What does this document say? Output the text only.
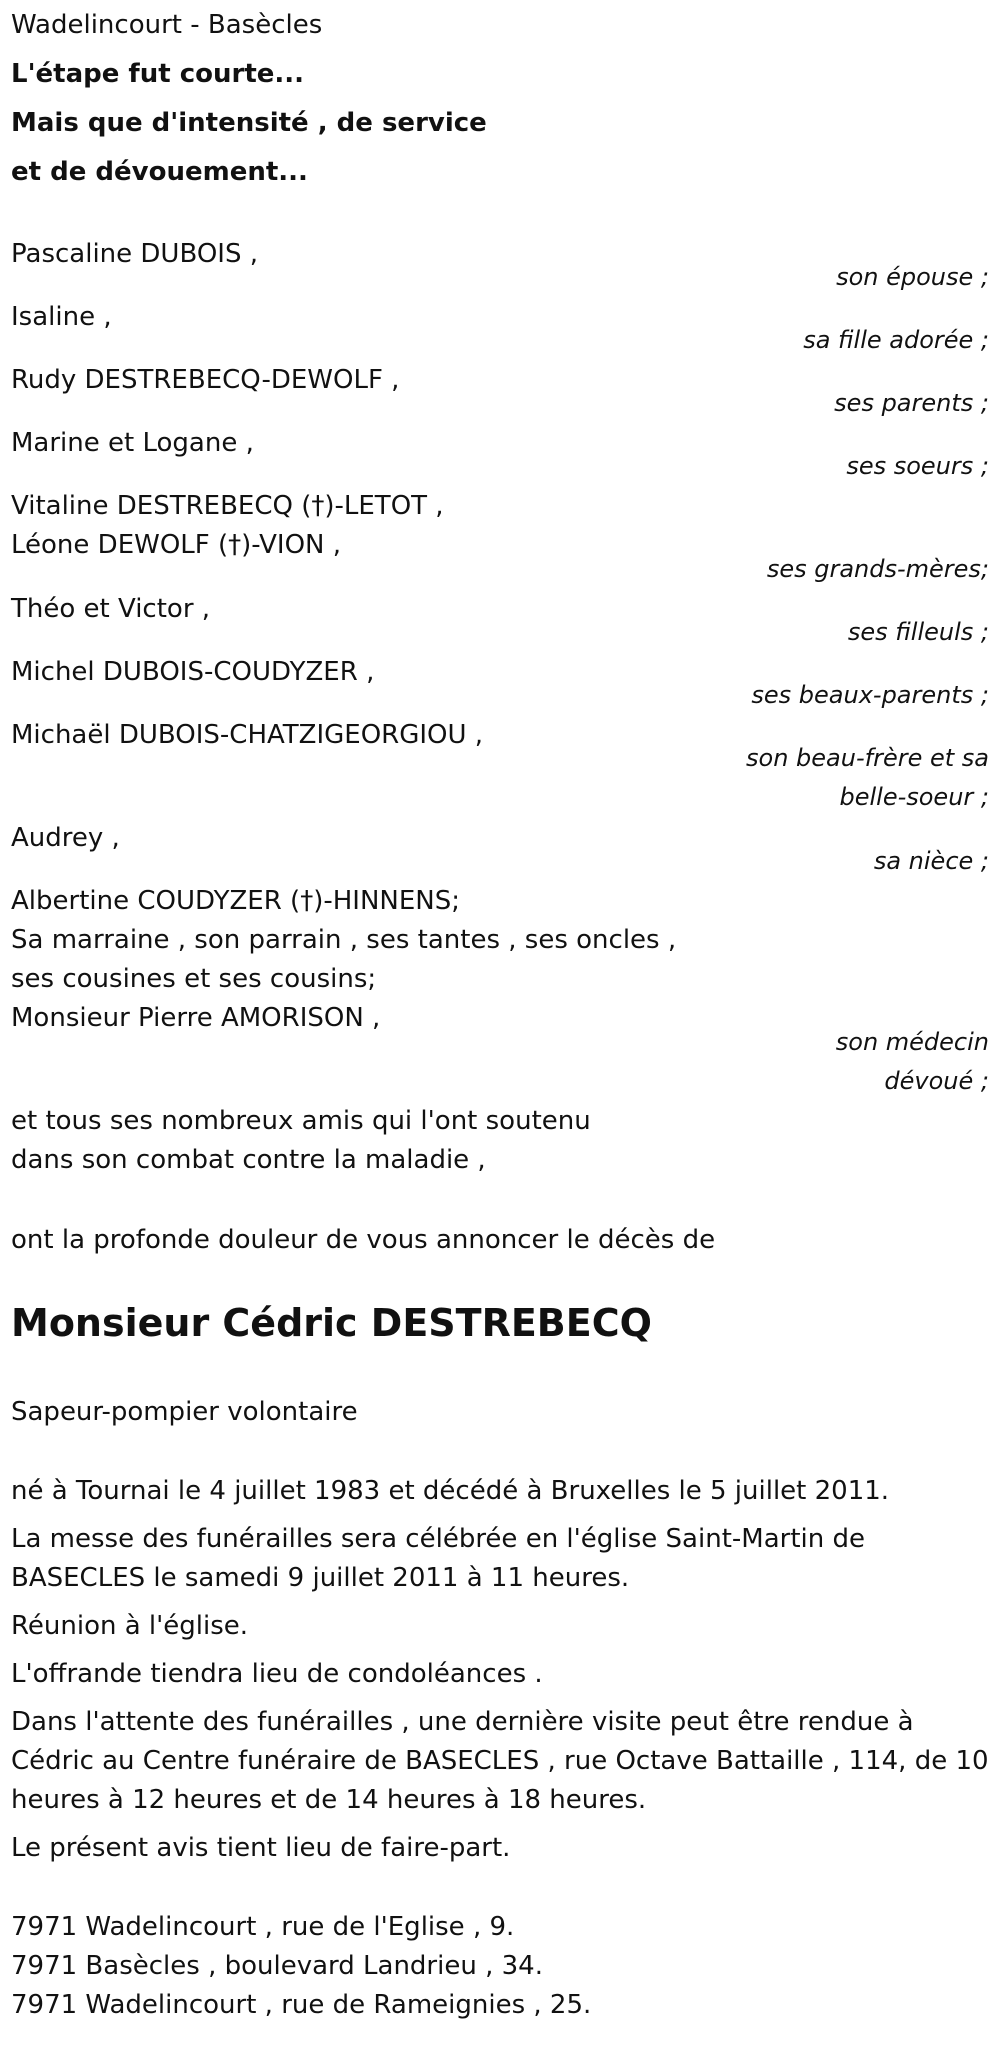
Wadelincourt - Basècles
L'étape fut courte...
Mais que d'intensité , de service
et de dévouement...
Pascaline DUBOIS ,
son épouse ;
Isaline ,
sa fille adorée ;
Rudy DESTREBECQ-DEWOLF ,
ses parents ;
Marine et Logane ,
ses soeurs ;
Vitaline DESTREBECQ (†)-LETOT ,
Léone DEWOLF (†)-VION ,
ses grands-mères;
Théo et Victor ,
ses filleuls ;
Michel DUBOIS-COUDYZER ,
ses beaux-parents ;
Michaël DUBOIS-CHATZIGEORGIOU ,
son beau-frère et sa
belle-soeur ;
Audrey ,
sa nièce ;
Albertine COUDYZER (†)-HINNENS;
Sa marraine , son parrain , ses tantes , ses oncles ,
ses cousines et ses cousins;
Monsieur Pierre AMORISON ,
son médecin
dévoué ;
et tous ses nombreux amis qui l'ont soutenu
dans son combat contre la maladie ,
ont la profonde douleur de vous annoncer le décès de
Monsieur Cédric DESTREBECQ
Sapeur-pompier volontaire
né à Tournai le 4 juillet 1983 et décédé à Bruxelles le 5 juillet 2011.
La messe des funérailles sera célébrée en l'église Saint-Martin de
BASECLES le samedi 9 juillet 2011 à 11 heures.
Réunion à l'église.
L'offrande tiendra lieu de condoléances .
Dans l'attente des funérailles , une dernière visite peut être rendue à
Cédric au Centre funéraire de BASECLES , rue Octave Battaille , 114, de 10
heures à 12 heures et de 14 heures à 18 heures.
Le présent avis tient lieu de faire-part.
7971 Wadelincourt , rue de l'Eglise , 9.
7971 Basècles , boulevard Landrieu , 34.
7971 Wadelincourt , rue de Rameignies , 25.
